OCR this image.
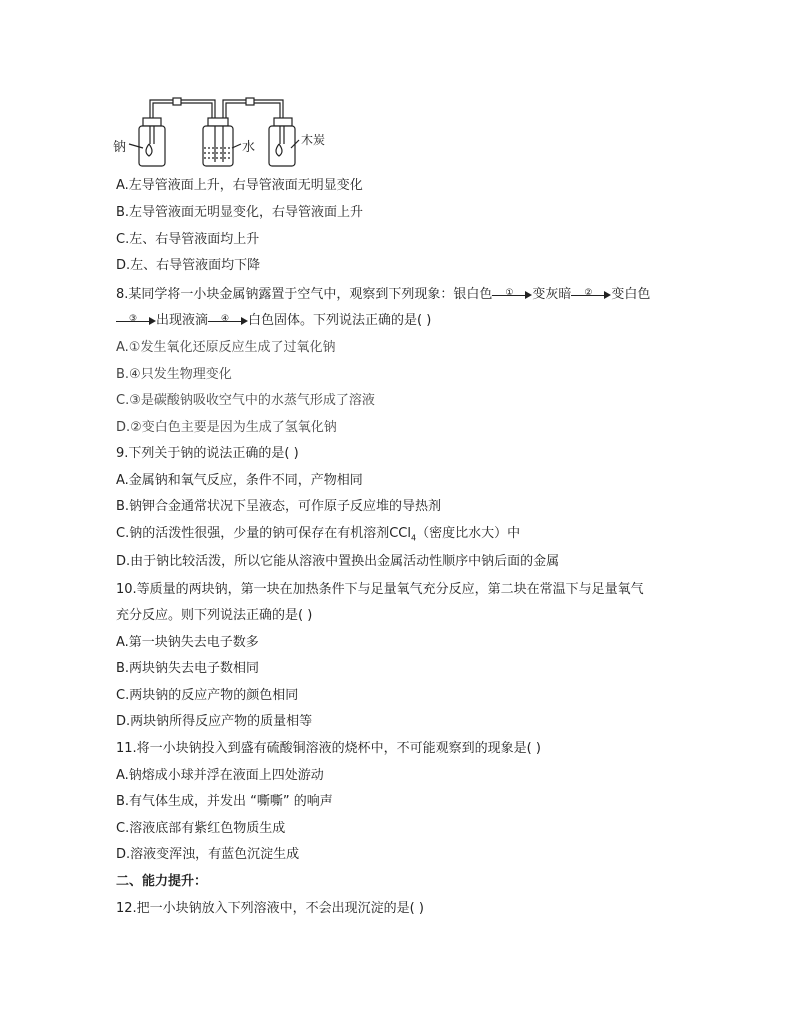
钠	水	木炭
A.左导管液面上升，右导管液面无明显变化
B.左导管液面无明显变化，右导管液面上升
C.左、右导管液面均上升
D.左、右导管液面均下降
8.某同学将一小块金属钠露置于空气中，观察到下列现象：银白色	①	变灰暗	②	变白色
③	出现液滴	④	白色固体。下列说法正确的是( )
A.①发生氧化还原反应生成了过氧化钠
B.④只发生物理变化
C.③是碳酸钠吸收空气中的水蒸气形成了溶液
D.②变白色主要是因为生成了氢氧化钠
9.下列关于钠的说法正确的是( )
A.金属钠和氧气反应，条件不同，产物相同
B.钠钾合金通常状况下呈液态，可作原子反应堆的导热剂
C.钠的活泼性很强，少量的钠可保存在有机溶剂CCl$_4$（密度比水大）中
D.由于钠比较活泼，所以它能从溶液中置换出金属活动性顺序中钠后面的金属
10.等质量的两块钠，第一块在加热条件下与足量氧气充分反应，第二块在常温下与足量氧气
充分反应。则下列说法正确的是( )
A.第一块钠失去电子数多
B.两块钠失去电子数相同
C.两块钠的反应产物的颜色相同
D.两块钠所得反应产物的质量相等
11.将一小块钠投入到盛有硫酸铜溶液的烧杯中，不可能观察到的现象是( )
A.钠熔成小球并浮在液面上四处游动
B.有气体生成，并发出 “嘶嘶” 的响声
C.溶液底部有紫红色物质生成
D.溶液变浑浊，有蓝色沉淀生成
二、能力提升：
12.把一小块钠放入下列溶液中，不会出现沉淀的是( )
